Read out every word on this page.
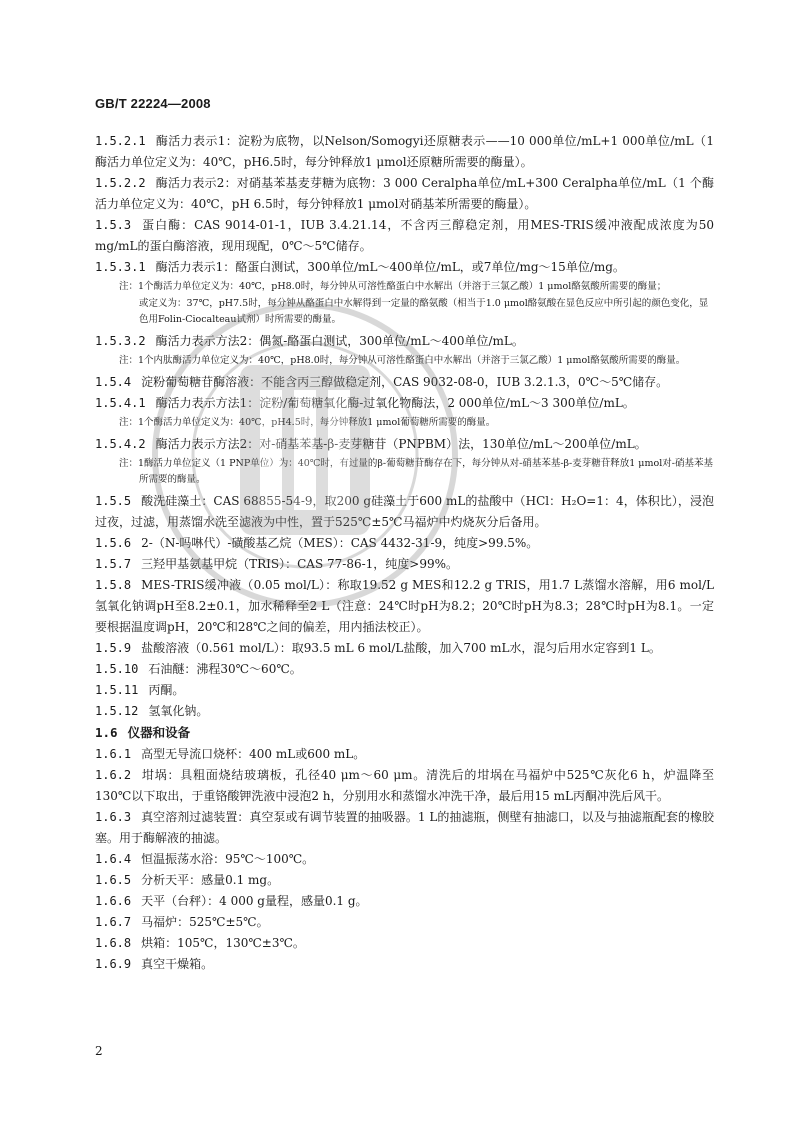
GB/T 22224—2008

1.5.2.1 酶活力表示1：淀粉为底物，以Nelson/Somogyi还原糖表示——10 000单位/mL+1 000单位/mL（1 酶活力单位定义为：40℃，pH6.5时，每分钟释放1 μmol还原糖所需要的酶量）。

1.5.2.2 酶活力表示2：对硝基苯基麦芽糖为底物：3 000 Ceralpha单位/mL+300 Ceralpha单位/mL（1 个酶活力单位定义为：40℃，pH 6.5时，每分钟释放1 μmol对硝基苯所需要的酶量）。

1.5.3 蛋白酶：CAS 9014-01-1，IUB 3.4.21.14，不含丙三醇稳定剂，用MES-TRIS缓冲液配成浓度为50 mg/mL的蛋白酶溶液，现用现配，0℃～5℃储存。

1.5.3.1 酶活力表示1：酪蛋白测试，300单位/mL～400单位/mL，或7单位/mg～15单位/mg。

注：1个酶活力单位定义为：40℃，pH8.0时，每分钟从可溶性酪蛋白中水解出（并溶于三氯乙酸）1 μmol酪氨酸所需要的酶量；

或定义为：37℃，pH7.5时，每分钟从酪蛋白中水解得到一定量的酪氨酸（相当于1.0 μmol酪氨酸在显色反应中所引起的颜色变化，显色用Folin-Ciocalteau试剂）时所需要的酶量。

1.5.3.2 酶活力表示方法2：偶氮-酪蛋白测试，300单位/mL～400单位/mL。

注：1个内肽酶活力单位定义为：40℃，pH8.0时，每分钟从可溶性酪蛋白中水解出（并溶于三氯乙酸）1 μmol酪氨酸所需要的酶量。

1.5.4 淀粉葡萄糖苷酶溶液：不能含丙三醇做稳定剂，CAS 9032-08-0，IUB 3.2.1.3，0℃～5℃储存。

1.5.4.1 酶活力表示方法1：淀粉/葡萄糖氧化酶-过氧化物酶法，2 000单位/mL～3 300单位/mL。

注：1个酶活力单位定义为：40℃，pH4.5时，每分钟释放1 μmol葡萄糖所需要的酶量。

1.5.4.2 酶活力表示方法2：对-硝基苯基-β-麦芽糖苷（PNPBM）法，130单位/mL～200单位/mL。

注：1酶活力单位定义（1 PNP单位）为：40℃时，有过量的β-葡萄糖苷酶存在下，每分钟从对-硝基苯基-β-麦芽糖苷释放1 μmol对-硝基苯基所需要的酶量。

1.5.5 酸洗硅藻土：CAS 68855-54-9，取200 g硅藻土于600 mL的盐酸中（HCl：H₂O=1：4，体积比），浸泡过夜，过滤，用蒸馏水洗至滤液为中性，置于525℃±5℃马福炉中灼烧灰分后备用。

1.5.6 2-（N-吗啉代）-磺酸基乙烷（MES）：CAS 4432-31-9，纯度>99.5%。

1.5.7 三羟甲基氨基甲烷（TRIS）：CAS 77-86-1，纯度>99%。

1.5.8 MES-TRIS缓冲液（0.05 mol/L）：称取19.52 g MES和12.2 g TRIS，用1.7 L蒸馏水溶解，用6 mol/L氢氧化钠调pH至8.2±0.1，加水稀释至2 L（注意：24℃时pH为8.2；20℃时pH为8.3；28℃时pH为8.1。一定要根据温度调pH，20℃和28℃之间的偏差，用内插法校正）。

1.5.9 盐酸溶液（0.561 mol/L）：取93.5 mL 6 mol/L盐酸，加入700 mL水，混匀后用水定容到1 L。

1.5.10 石油醚：沸程30℃～60℃。

1.5.11 丙酮。

1.5.12 氢氧化钠。

1.6 仪器和设备

1.6.1 高型无导流口烧杯：400 mL或600 mL。

1.6.2 坩埚：具粗面烧结玻璃板，孔径40 μm～60 μm。清洗后的坩埚在马福炉中525℃灰化6 h，炉温降至130℃以下取出，于重铬酸钾洗液中浸泡2 h，分别用水和蒸馏水冲洗干净，最后用15 mL丙酮冲洗后风干。

1.6.3 真空溶剂过滤装置：真空泵或有调节装置的抽吸器。1 L的抽滤瓶，侧壁有抽滤口，以及与抽滤瓶配套的橡胶塞。用于酶解液的抽滤。

1.6.4 恒温振荡水浴：95℃～100℃。

1.6.5 分析天平：感量0.1 mg。

1.6.6 天平（台秤）：4 000 g量程，感量0.1 g。

1.6.7 马福炉：525℃±5℃。

1.6.8 烘箱：105℃，130℃±3℃。

1.6.9 真空干燥箱。

2
